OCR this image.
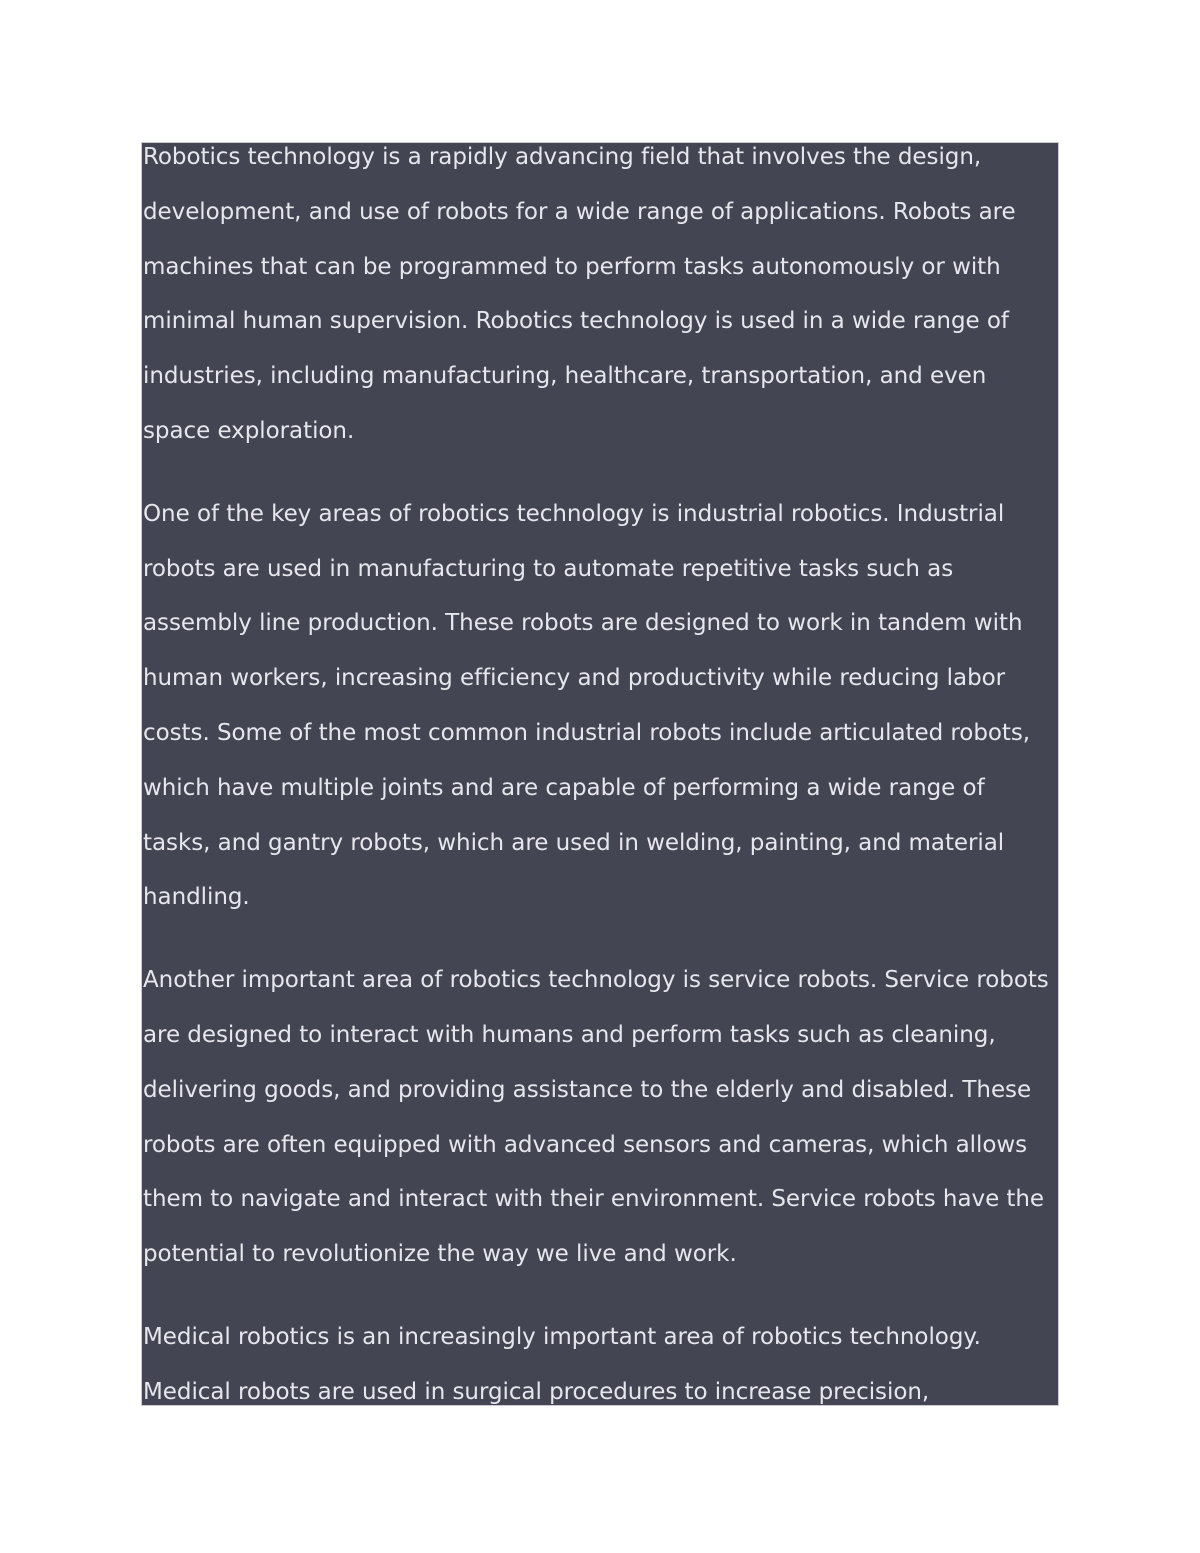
Robotics technology is a rapidly advancing field that involves the design, development, and use of robots for a wide range of applications. Robots are machines that can be programmed to perform tasks autonomously or with minimal human supervision. Robotics technology is used in a wide range of industries, including manufacturing, healthcare, transportation, and even space exploration.

One of the key areas of robotics technology is industrial robotics. Industrial robots are used in manufacturing to automate repetitive tasks such as assembly line production. These robots are designed to work in tandem with human workers, increasing efficiency and productivity while reducing labor costs. Some of the most common industrial robots include articulated robots, which have multiple joints and are capable of performing a wide range of tasks, and gantry robots, which are used in welding, painting, and material handling.

Another important area of robotics technology is service robots. Service robots are designed to interact with humans and perform tasks such as cleaning, delivering goods, and providing assistance to the elderly and disabled. These robots are often equipped with advanced sensors and cameras, which allows them to navigate and interact with their environment. Service robots have the potential to revolutionize the way we live and work.

Medical robotics is an increasingly important area of robotics technology. Medical robots are used in surgical procedures to increase precision,
